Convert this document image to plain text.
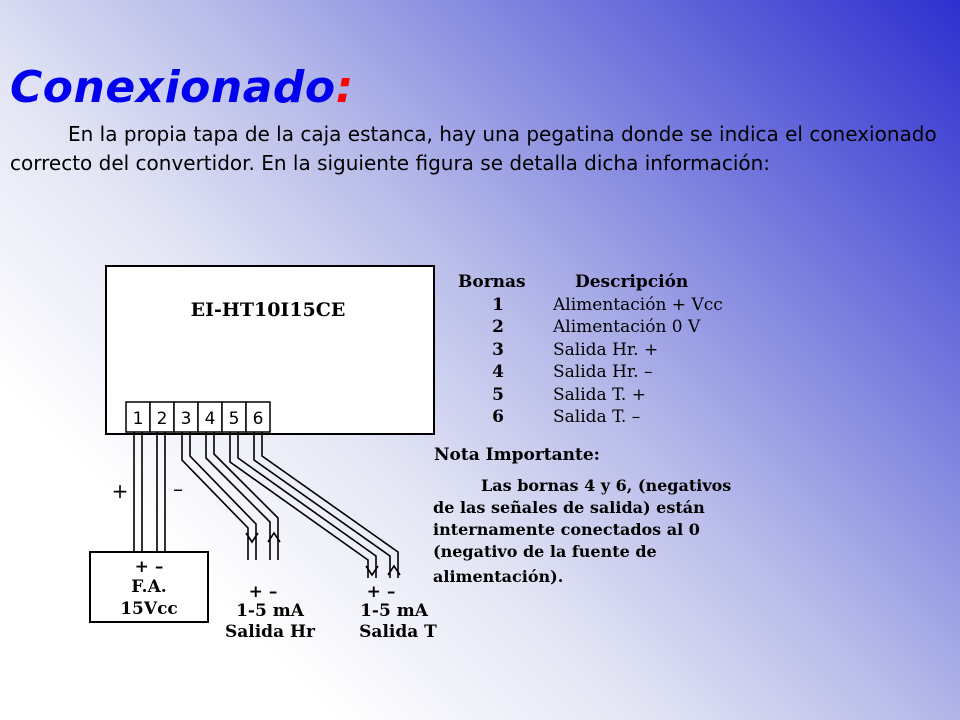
Conexionado:

En la propia tapa de la caja estanca, hay una pegatina donde se indica el conexionado correcto del convertidor. En la siguiente figura se detalla dicha información:

EI-HT10I15CE
1 2 3 4 5 6
+ –
+ –
F.A.
15Vcc
+ –
1-5 mA
Salida Hr
+ –
1-5 mA
Salida T
Bornas	Descripción
1	Alimentación + Vcc
2	Alimentación 0 V
3	Salida Hr. +
4	Salida Hr. –
5	Salida T. +
6	Salida T. –
Nota Importante:
Las bornas 4 y 6, (negativos
de las señales de salida) están
internamente conectados al 0
(negativo de la fuente de
alimentación).
